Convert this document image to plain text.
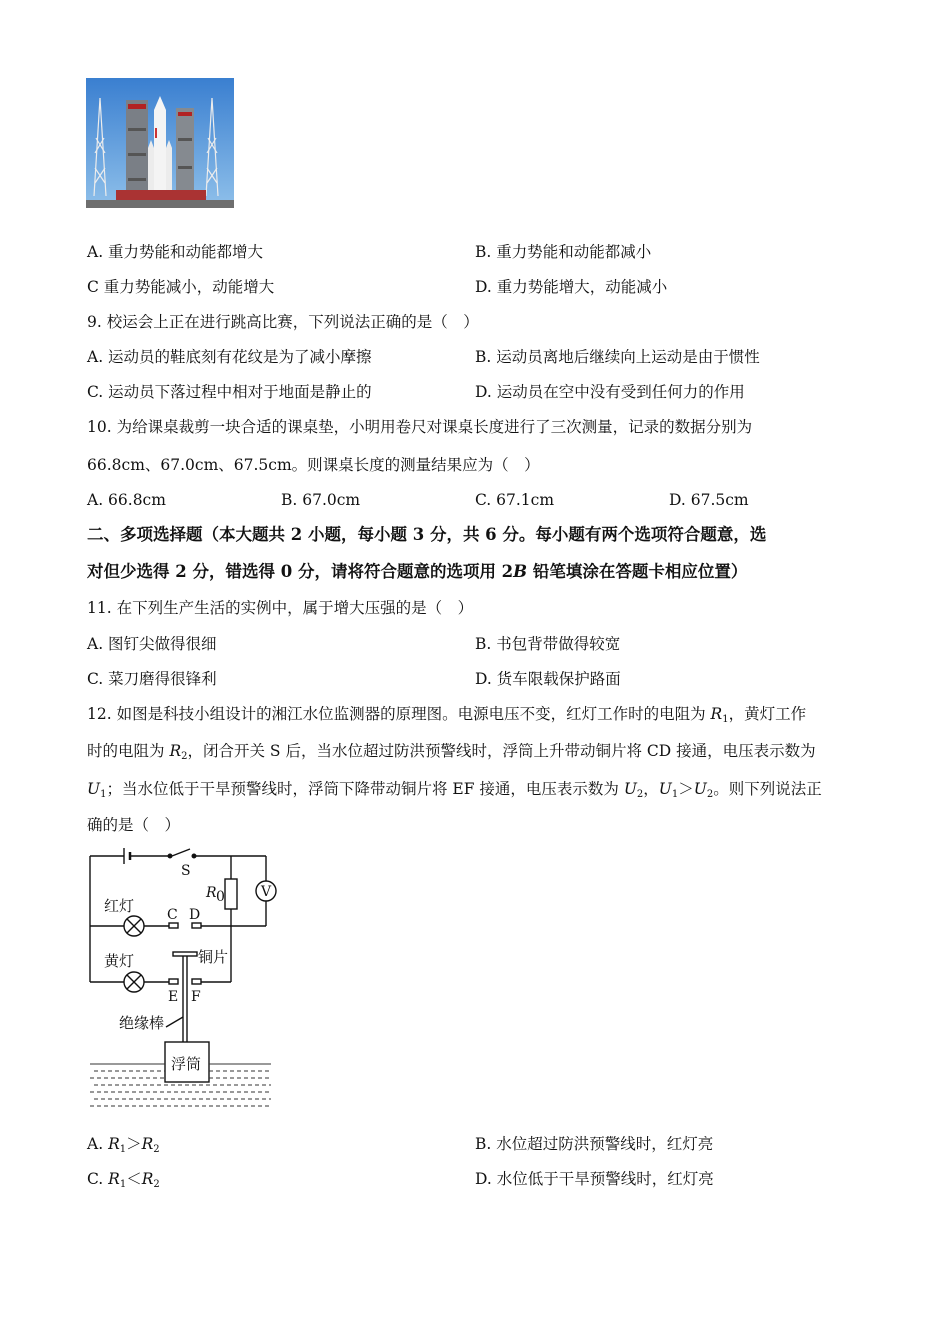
A. 重力势能和动能都增大	B. 重力势能和动能都减小
C 重力势能减小，动能增大	D. 重力势能增大，动能减小
9. 校运会上正在进行跳高比赛，下列说法正确的是（　）
A. 运动员的鞋底刻有花纹是为了减小摩擦	B. 运动员离地后继续向上运动是由于惯性
C. 运动员下落过程中相对于地面是静止的	D. 运动员在空中没有受到任何力的作用
10. 为给课桌裁剪一块合适的课桌垫，小明用卷尺对课桌长度进行了三次测量，记录的数据分别为
66.8cm、67.0cm、67.5cm。则课桌长度的测量结果应为（　）
A. 66.8cm	B. 67.0cm	C. 67.1cm	D. 67.5cm
二、多项选择题（本大题共 2 小题，每小题 3 分，共 6 分。每小题有两个选项符合题意，选
对但少选得 2 分，错选得 0 分，请将符合题意的选项用 2B 铅笔填涂在答题卡相应位置）
11. 在下列生产生活的实例中，属于增大压强的是（　）
A. 图钉尖做得很细	B. 书包背带做得较宽
C. 菜刀磨得很锋利	D. 货车限载保护路面
12. 如图是科技小组设计的湘江水位监测器的原理图。电源电压不变，红灯工作时的电阻为 $R_1$，黄灯工作
时的电阻为 $R_2$，闭合开关 S 后，当水位超过防洪预警线时，浮筒上升带动铜片将 CD 接通，电压表示数为
$U_1$；当水位低于干旱预警线时，浮筒下降带动铜片将 EF 接通，电压表示数为 $U_2$，$U_1>U_2$。则下列说法正
确的是（　）
S
R 0	V
红灯 C D
黄灯	铜片
E F
绝缘棒
浮筒
A. $R_1>R_2$	B. 水位超过防洪预警线时，红灯亮
C. $R_1<R_2$	D. 水位低于干旱预警线时，红灯亮
